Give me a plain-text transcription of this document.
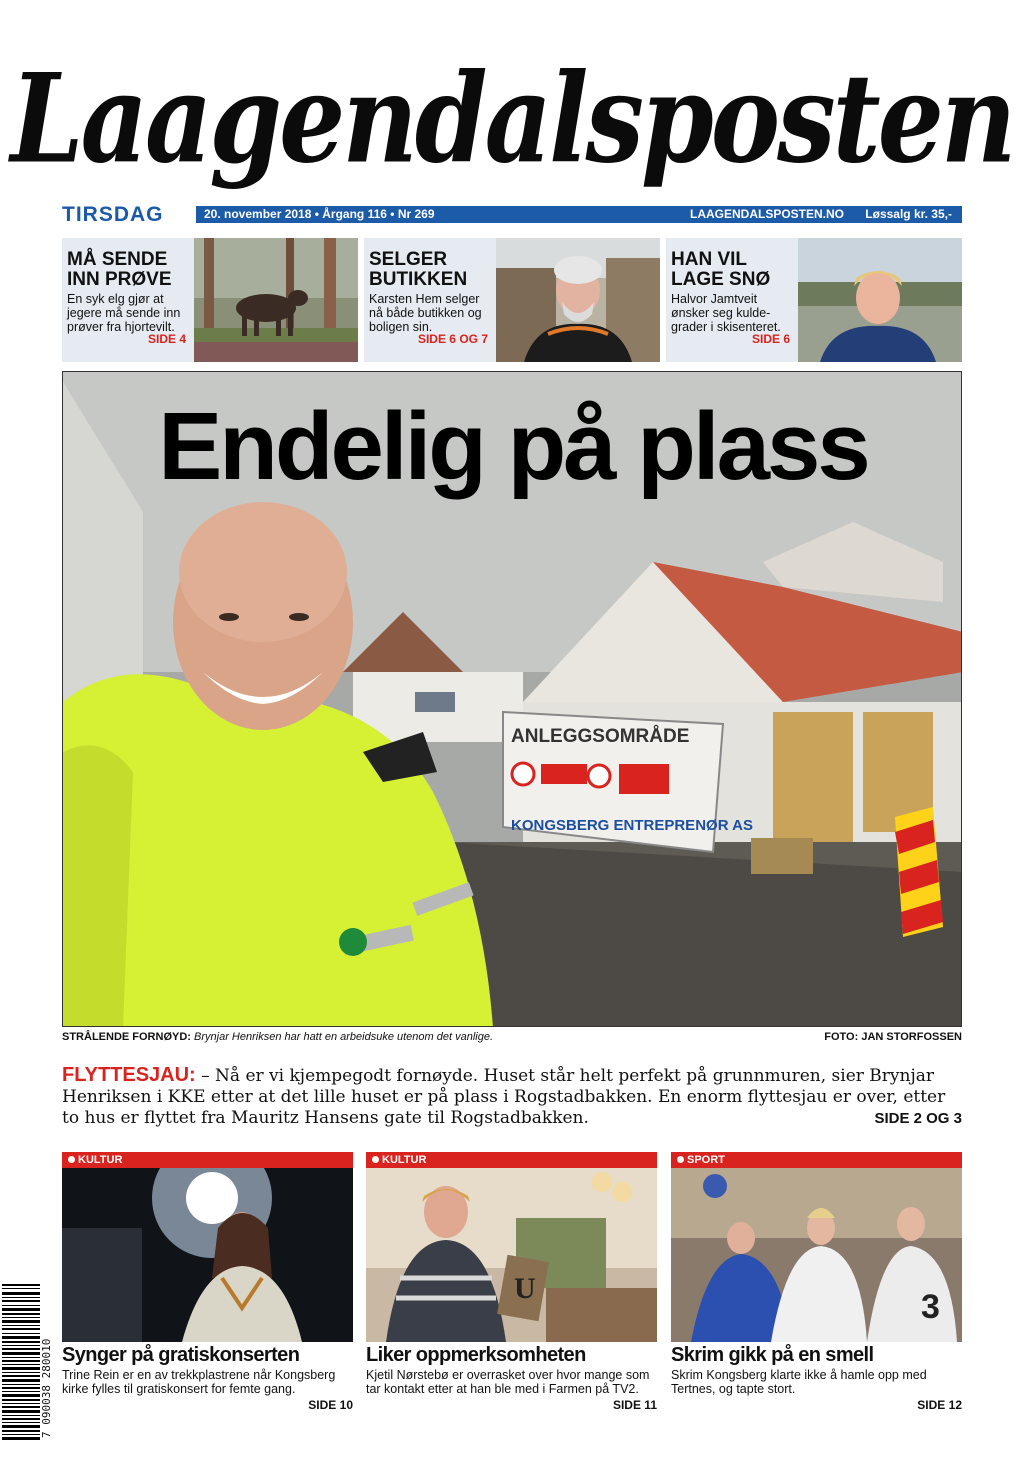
Laagendalsposten
TIRSDAG	20. november 2018 • Årgang 116 • Nr 269	LAAGENDALSPOSTEN.NO Løssalg kr. 35,-
MÅ SENDE INN PRØVE
En syk elg gjør at jegere må sende inn prøver fra hjortevilt.
SIDE 4
SELGER BUTIKKEN
Karsten Hem selger nå både butikken og boligen sin.
SIDE 6 OG 7
HAN VIL LAGE SNØ
Halvor Jamtveit ønsker seg kulde-grader i skisenteret.
SIDE 6
ANLEGGSOMRÅDE
KONGSBERG ENTREPRENØR AS
Endelig på plass
STRÅLENDE FORNØYD: Brynjar Henriksen har hatt en arbeidsuke utenom det vanlige.	FOTO: JAN STORFOSSEN
FLYTTESJAU: – Nå er vi kjempegodt fornøyde. Huset står helt perfekt på grunnmuren, sier Brynjar Henriksen i KKE etter at det lille huset er på plass i Rogstadbakken. En enorm flyttesjau er over, etter to hus er flyttet fra Mauritz Hansens gate til Rogstadbakken.	SIDE 2 OG 3
KULTUR
Synger på gratiskonserten
Trine Rein er en av trekkplastrene når Kongsberg kirke fylles til gratiskonsert for femte gang.
SIDE 10
KULTUR
U
Liker oppmerksomheten
Kjetil Nørstebø er overrasket over hvor mange som tar kontakt etter at han ble med i Farmen på TV2.
SIDE 11
SPORT
3
Skrim gikk på en smell
Skrim Kongsberg klarte ikke å hamle opp med Tertnes, og tapte stort.
SIDE 12
7 090038 280010
